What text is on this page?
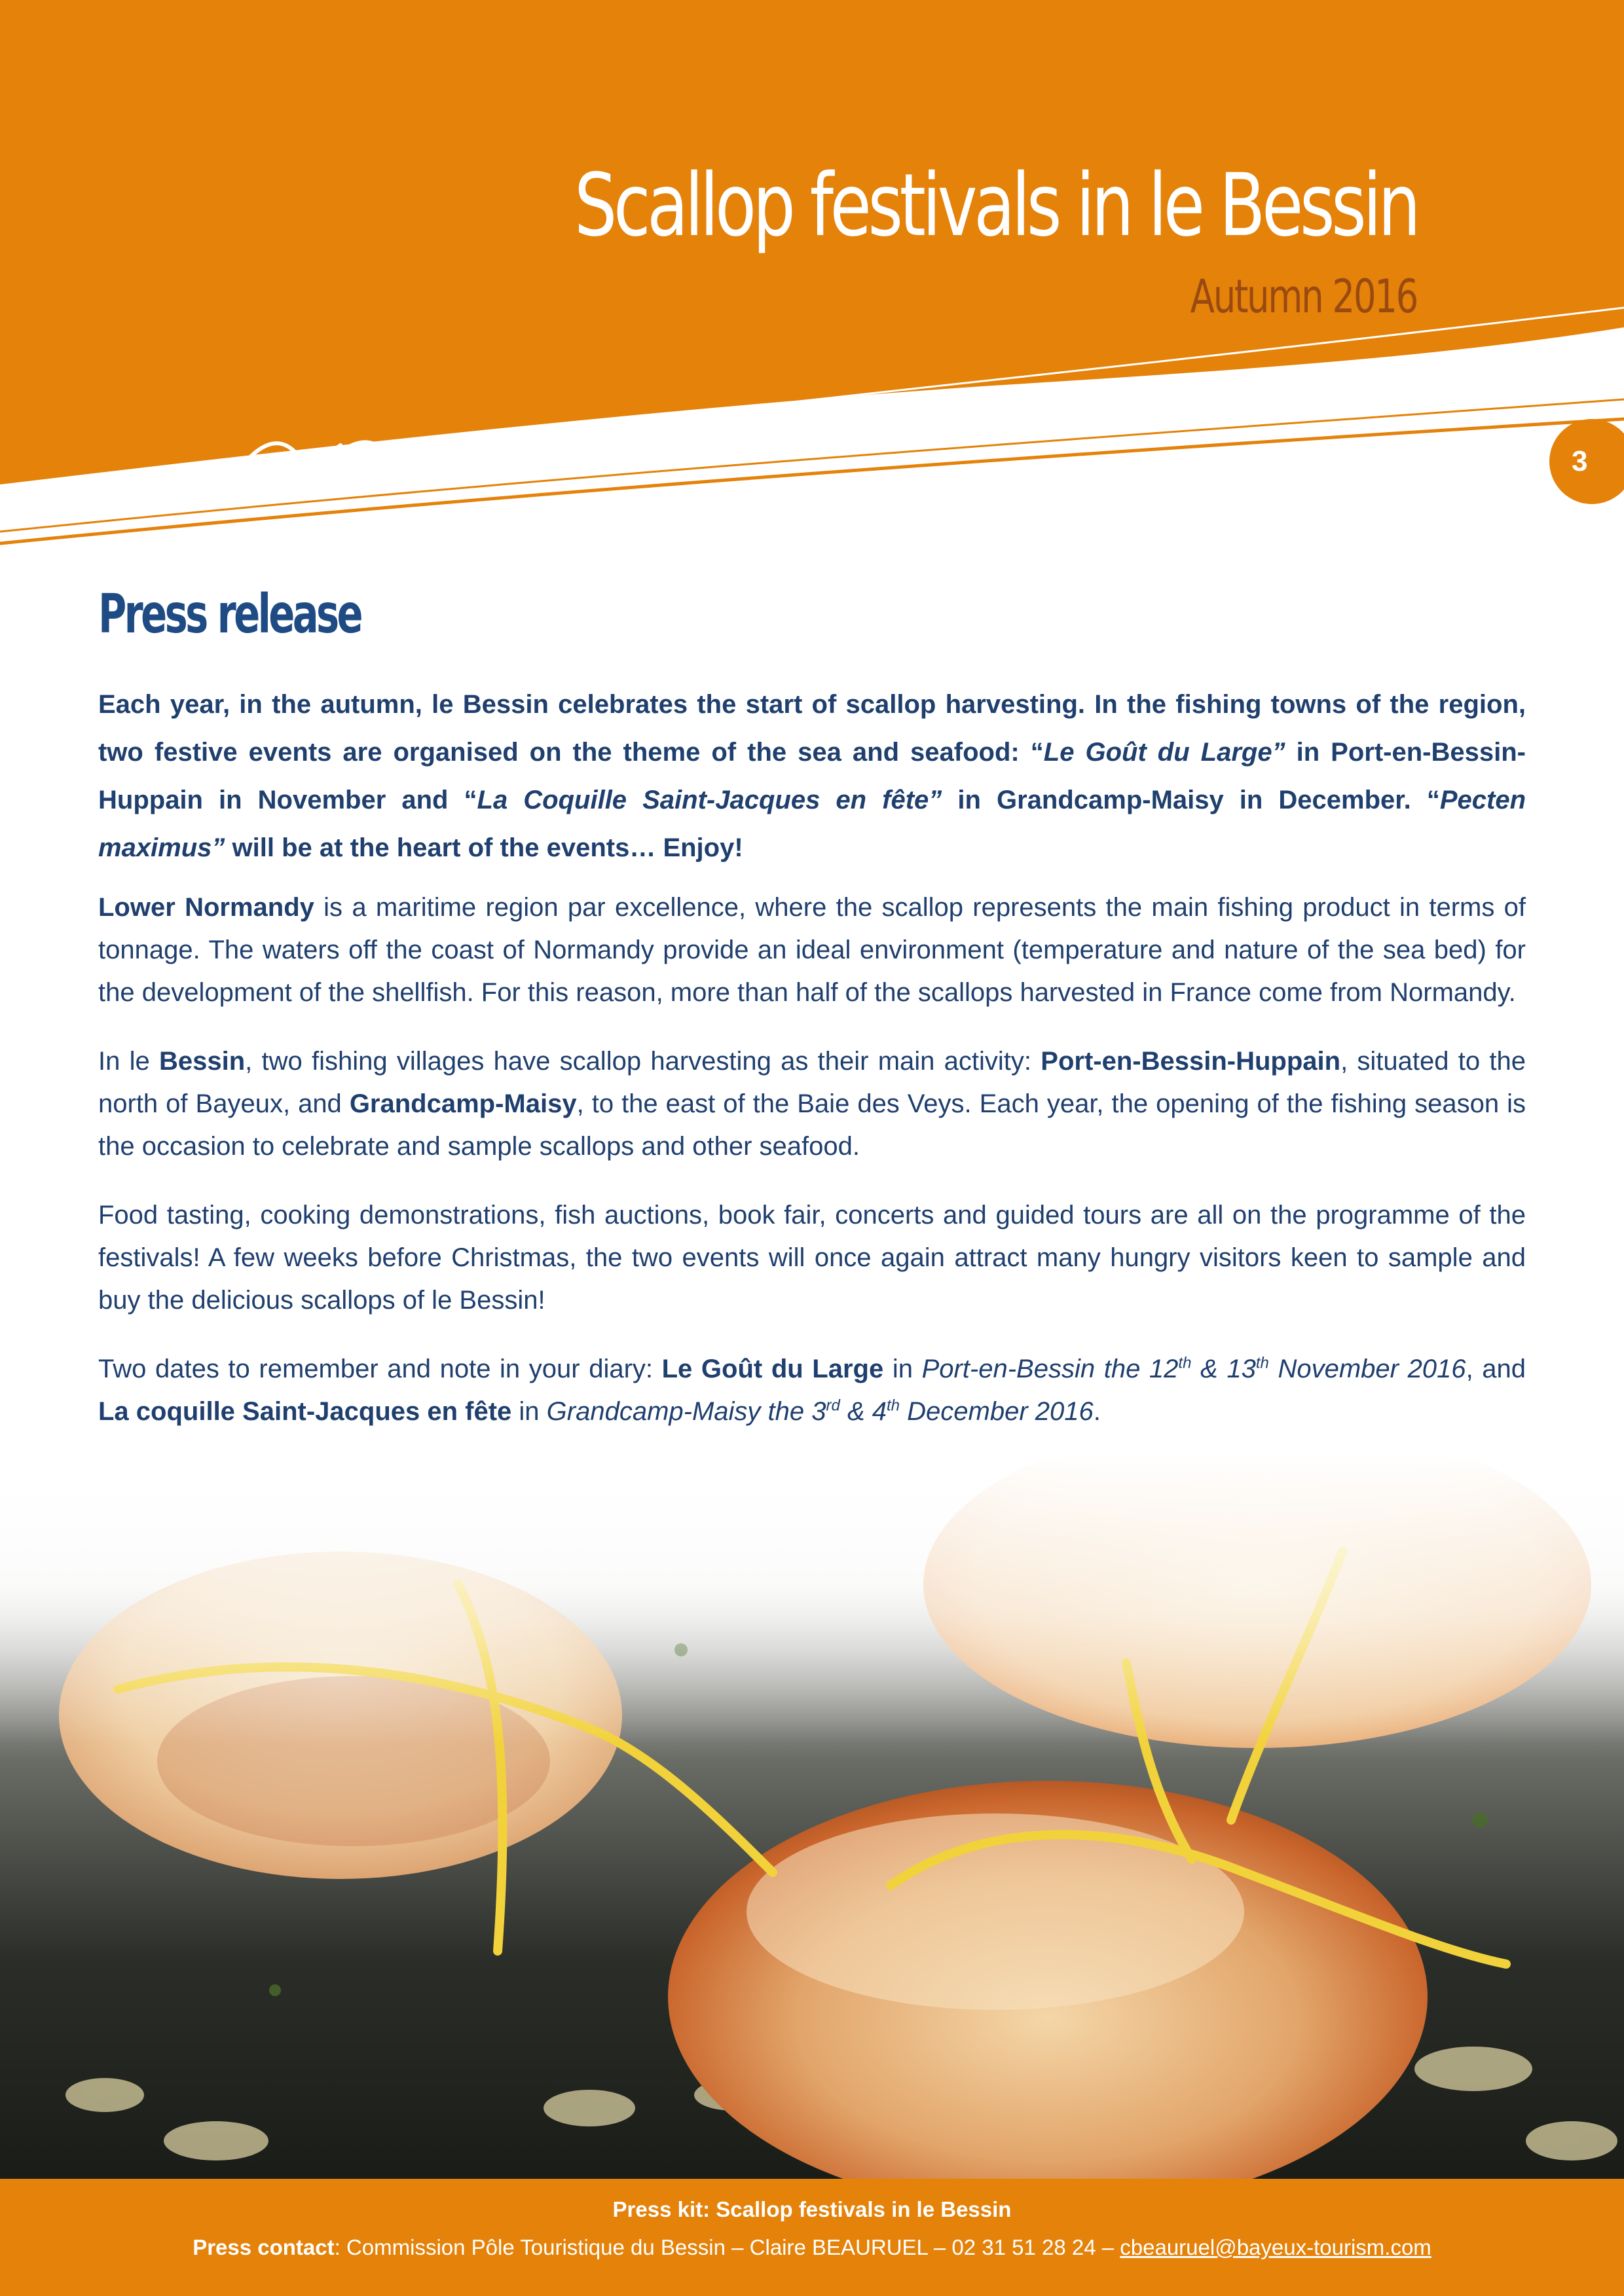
Scallop festivals in le Bessin
Autumn 2016
3
Press release

Each year, in the autumn, le Bessin celebrates the start of scallop harvesting. In the fishing towns of the region, two festive events are organised on the theme of the sea and seafood: “Le Goût du Large” in Port-en-Bessin-Huppain in November and “La Coquille Saint-Jacques en fête” in Grandcamp-Maisy in December. “Pecten maximus” will be at the heart of the events… Enjoy!

Lower Normandy is a maritime region par excellence, where the scallop represents the main fishing product in terms of tonnage. The waters off the coast of Normandy provide an ideal environment (temperature and nature of the sea bed) for the development of the shellfish. For this reason, more than half of the scallops harvested in France come from Normandy.

In le Bessin, two fishing villages have scallop harvesting as their main activity: Port-en-Bessin-Huppain, situated to the north of Bayeux, and Grandcamp-Maisy, to the east of the Baie des Veys. Each year, the opening of the fishing season is the occasion to celebrate and sample scallops and other seafood.

Food tasting, cooking demonstrations, fish auctions, book fair, concerts and guided tours are all on the programme of the festivals! A few weeks before Christmas, the two events will once again attract many hungry visitors keen to sample and buy the delicious scallops of le Bessin!

Two dates to remember and note in your diary: Le Goût du Large in Port-en-Bessin the 12th & 13th November 2016, and La coquille Saint-Jacques en fête in Grandcamp-Maisy the 3rd & 4th December 2016.

Press kit: Scallop festivals in le Bessin
Press contact: Commission Pôle Touristique du Bessin – Claire BEAURUEL – 02 31 51 28 24 – cbeauruel@bayeux-tourism.com
